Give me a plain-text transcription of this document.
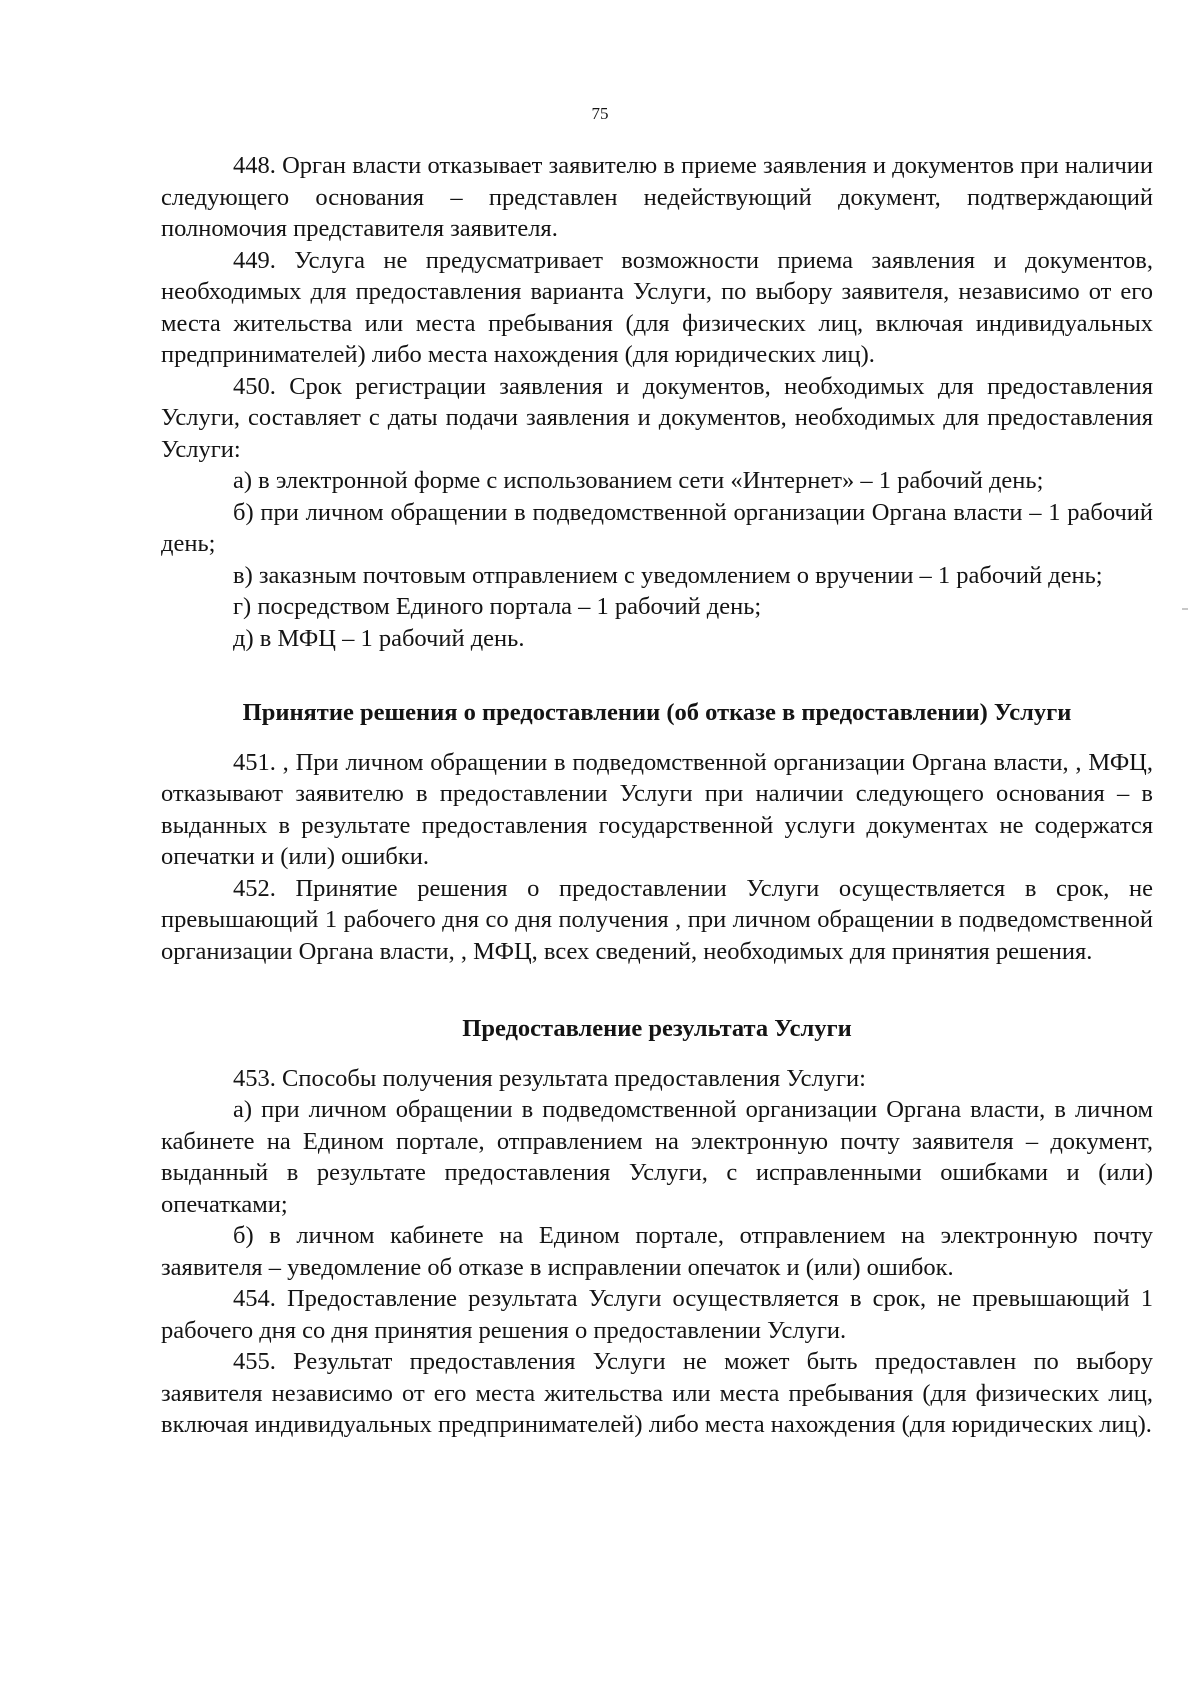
75

448. Орган власти отказывает заявителю в приеме заявления и документов при наличии следующего основания – представлен недействующий документ, подтверждающий полномочия представителя заявителя.

449. Услуга не предусматривает возможности приема заявления и документов, необходимых для предоставления варианта Услуги, по выбору заявителя, независимо от его места жительства или места пребывания (для физических лиц, включая индивидуальных предпринимателей) либо места нахождения (для юридических лиц).

450. Срок регистрации заявления и документов, необходимых для предоставления Услуги, составляет с даты подачи заявления и документов, необходимых для предоставления Услуги:

а) в электронной форме с использованием сети «Интернет» – 1 рабочий день;

б) при личном обращении в подведомственной организации Органа власти – 1 рабочий день;

в) заказным почтовым отправлением с уведомлением о вручении – 1 рабочий день;

г) посредством Единого портала – 1 рабочий день;

д) в МФЦ – 1 рабочий день.

Принятие решения о предоставлении (об отказе в предоставлении) Услуги

451. , При личном обращении в подведомственной организации Органа власти, , МФЦ, отказывают заявителю в предоставлении Услуги при наличии следующего основания – в выданных в результате предоставления государственной услуги документах не содержатся опечатки и (или) ошибки.

452. Принятие решения о предоставлении Услуги осуществляется в срок, не превышающий 1 рабочего дня со дня получения , при личном обращении в подведомственной организации Органа власти, , МФЦ, всех сведений, необходимых для принятия решения.

Предоставление результата Услуги

453. Способы получения результата предоставления Услуги:

а) при личном обращении в подведомственной организации Органа власти, в личном кабинете на Едином портале, отправлением на электронную почту заявителя – документ, выданный в результате предоставления Услуги, с исправленными ошибками и (или) опечатками;

б) в личном кабинете на Едином портале, отправлением на электронную почту заявителя – уведомление об отказе в исправлении опечаток и (или) ошибок.

454. Предоставление результата Услуги осуществляется в срок, не превышающий 1 рабочего дня со дня принятия решения о предоставлении Услуги.

455. Результат предоставления Услуги не может быть предоставлен по выбору заявителя независимо от его места жительства или места пребывания (для физических лиц, включая индивидуальных предпринимателей) либо места нахождения (для юридических лиц).
